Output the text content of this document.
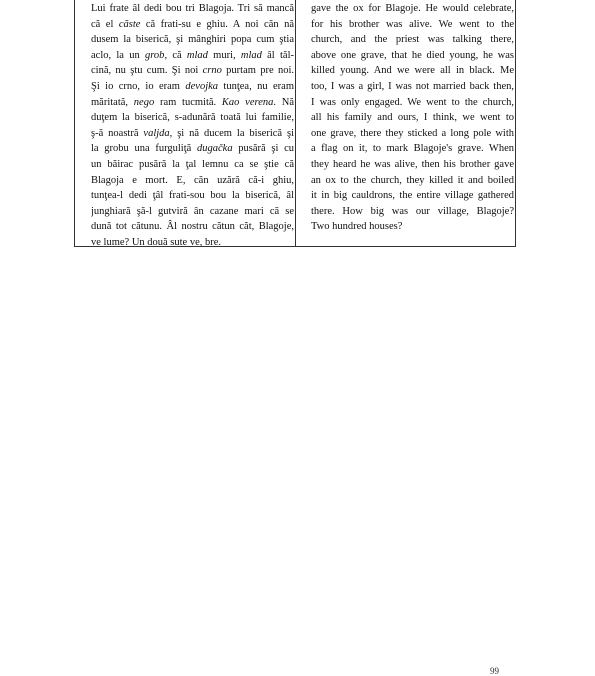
Lui frate âl dedi bou tri Blagoja. Tri să mancă
că el căste că frati-su e ghiu. A noi căn nă
dusem la biserică, şi mânghiri popa cum ştia
aclo, la un grob, că mlad muri, mlad âl tăl-
cină, nu ştu cum. Şi noi crno purtam pre noi.
Şi io crno, io eram devojka tunţea, nu eram
măritată, nego ram tucmită. Kao verena. Nă
duţem la biserică, s-adunără toată lui familie,
ş-ă noastră valjda, şi nă ducem la biserică şi
la grobu una furguliţă dugačka pusără şi cu
un băirac pusără la ţal lemnu ca se ştie că
Blagoja e mort. E, căn uzără că-i ghiu,
tunţea-l dedi ţâl frati-sou bou la biserică, âl
junghiară şă-l gutviră ân cazane mari că se
dună tot cătunu. Âl nostru cătun căt, Blagoje,
ve lume? Un două sute ve, bre.
gave the ox for Blagoje. He would celebrate,
for his brother was alive. We went to the
church, and the priest was talking there,
above one grave, that he died young, he was
killed young. And we were all in black. Me
too, I was a girl, I was not married back then,
I was only engaged. We went to the church,
all his family and ours, I think, we went to
one grave, there they sticked a long pole with
a flag on it, to mark Blagoje's grave. When
they heard he was alive, then his brother gave
an ox to the church, they killed it and boiled
it in big cauldrons, the entire village gathered
there. How big was our village, Blagoje?
Two hundred houses?
99
